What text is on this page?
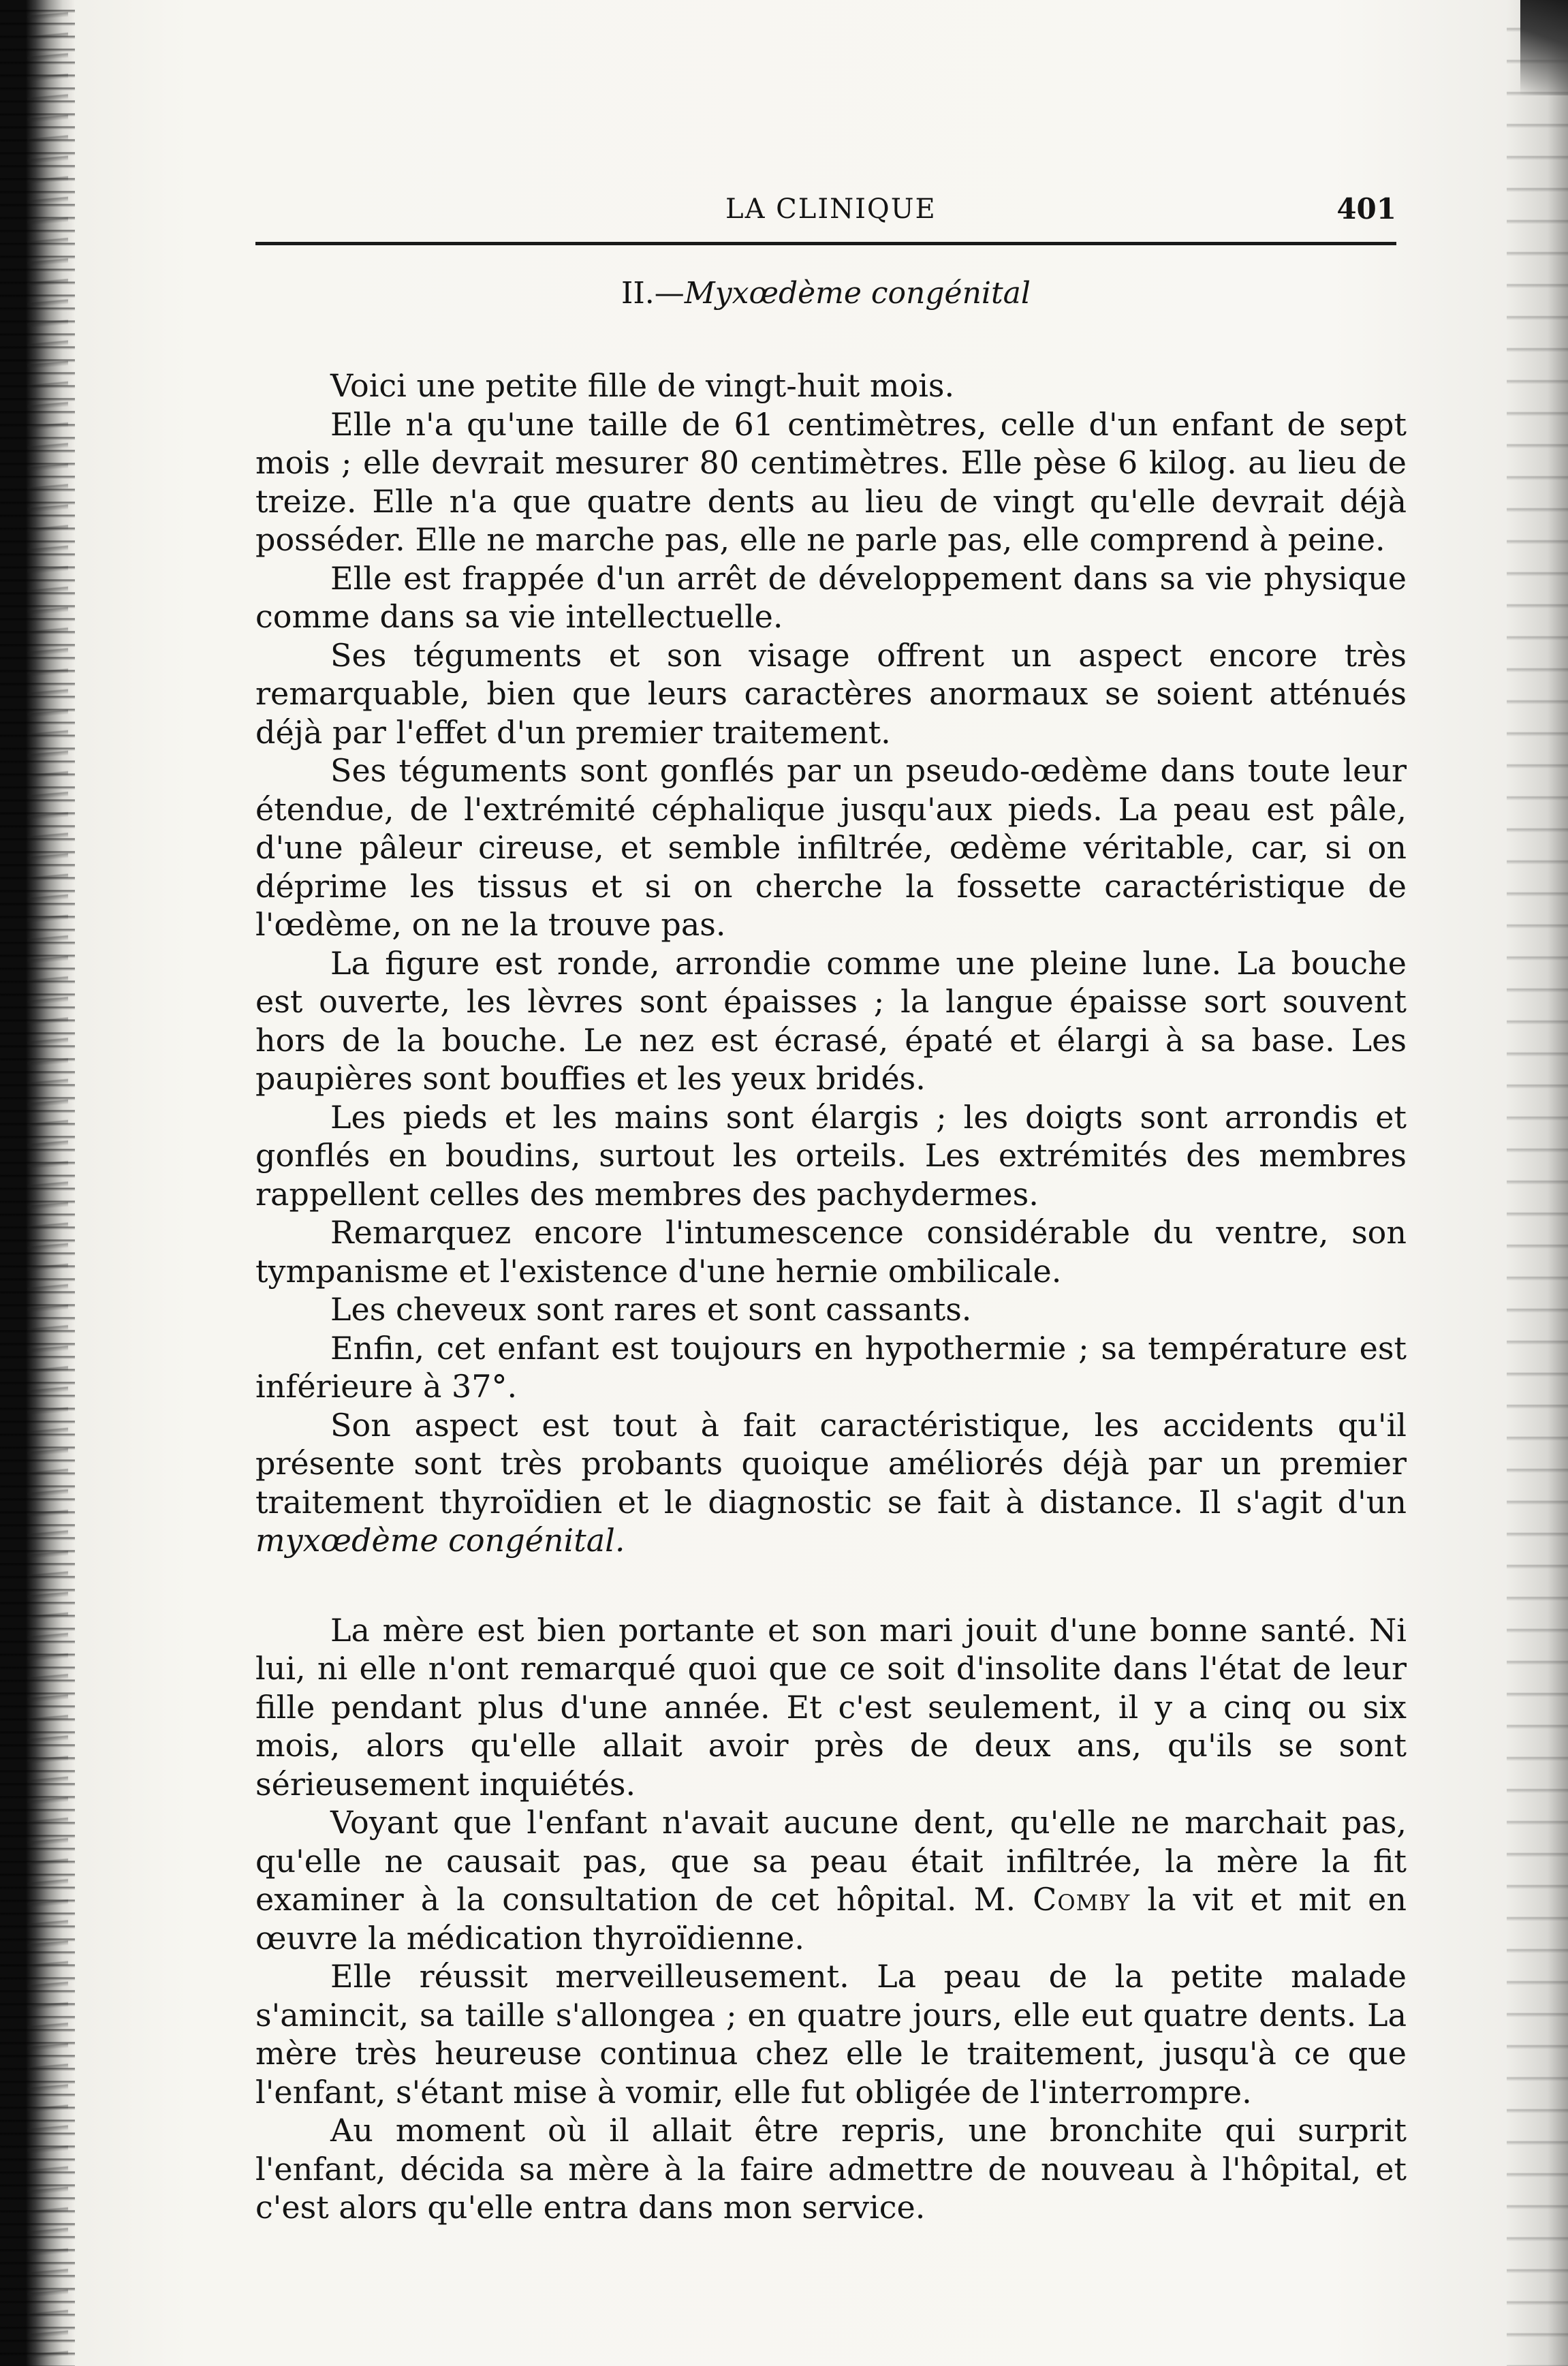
LA CLINIQUE	401
II.—Myxœdème congénital

Voici une petite fille de vingt-huit mois.

Elle n'a qu'une taille de 61 centimètres, celle d'un enfant de sept mois ; elle devrait mesurer 80 centimètres. Elle pèse 6 kilog. au lieu de treize. Elle n'a que quatre dents au lieu de vingt qu'elle devrait déjà posséder. Elle ne marche pas, elle ne parle pas, elle comprend à peine.

Elle est frappée d'un arrêt de développement dans sa vie physique comme dans sa vie intellectuelle.

Ses téguments et son visage offrent un aspect encore très remarquable, bien que leurs caractères anormaux se soient atténués déjà par l'effet d'un premier traitement.

Ses téguments sont gonflés par un pseudo-œdème dans toute leur étendue, de l'extrémité céphalique jusqu'aux pieds. La peau est pâle, d'une pâleur cireuse, et semble infiltrée, œdème véritable, car, si on déprime les tissus et si on cherche la fossette caractéristique de l'œdème, on ne la trouve pas.

La figure est ronde, arrondie comme une pleine lune. La bouche est ouverte, les lèvres sont épaisses ; la langue épaisse sort souvent hors de la bouche. Le nez est écrasé, épaté et élargi à sa base. Les paupières sont bouffies et les yeux bridés.

Les pieds et les mains sont élargis ; les doigts sont arrondis et gonflés en boudins, surtout les orteils. Les extrémités des membres rappellent celles des membres des pachydermes.

Remarquez encore l'intumescence considérable du ventre, son tympanisme et l'existence d'une hernie ombilicale.

Les cheveux sont rares et sont cassants.

Enfin, cet enfant est toujours en hypothermie ; sa température est inférieure à 37°.

Son aspect est tout à fait caractéristique, les accidents qu'il présente sont très probants quoique améliorés déjà par un premier traitement thyroïdien et le diagnostic se fait à distance. Il s'agit d'un myxœdème congénital.

La mère est bien portante et son mari jouit d'une bonne santé. Ni lui, ni elle n'ont remarqué quoi que ce soit d'insolite dans l'état de leur fille pendant plus d'une année. Et c'est seulement, il y a cinq ou six mois, alors qu'elle allait avoir près de deux ans, qu'ils se sont sérieusement inquiétés.

Voyant que l'enfant n'avait aucune dent, qu'elle ne marchait pas, qu'elle ne causait pas, que sa peau était infiltrée, la mère la fit examiner à la consultation de cet hôpital. M. Comby la vit et mit en œuvre la médication thyroïdienne.

Elle réussit merveilleusement. La peau de la petite malade s'amincit, sa taille s'allongea ; en quatre jours, elle eut quatre dents. La mère très heureuse continua chez elle le traitement, jusqu'à ce que l'enfant, s'étant mise à vomir, elle fut obligée de l'interrompre.

Au moment où il allait être repris, une bronchite qui surprit l'enfant, décida sa mère à la faire admettre de nouveau à l'hôpital, et c'est alors qu'elle entra dans mon service.
